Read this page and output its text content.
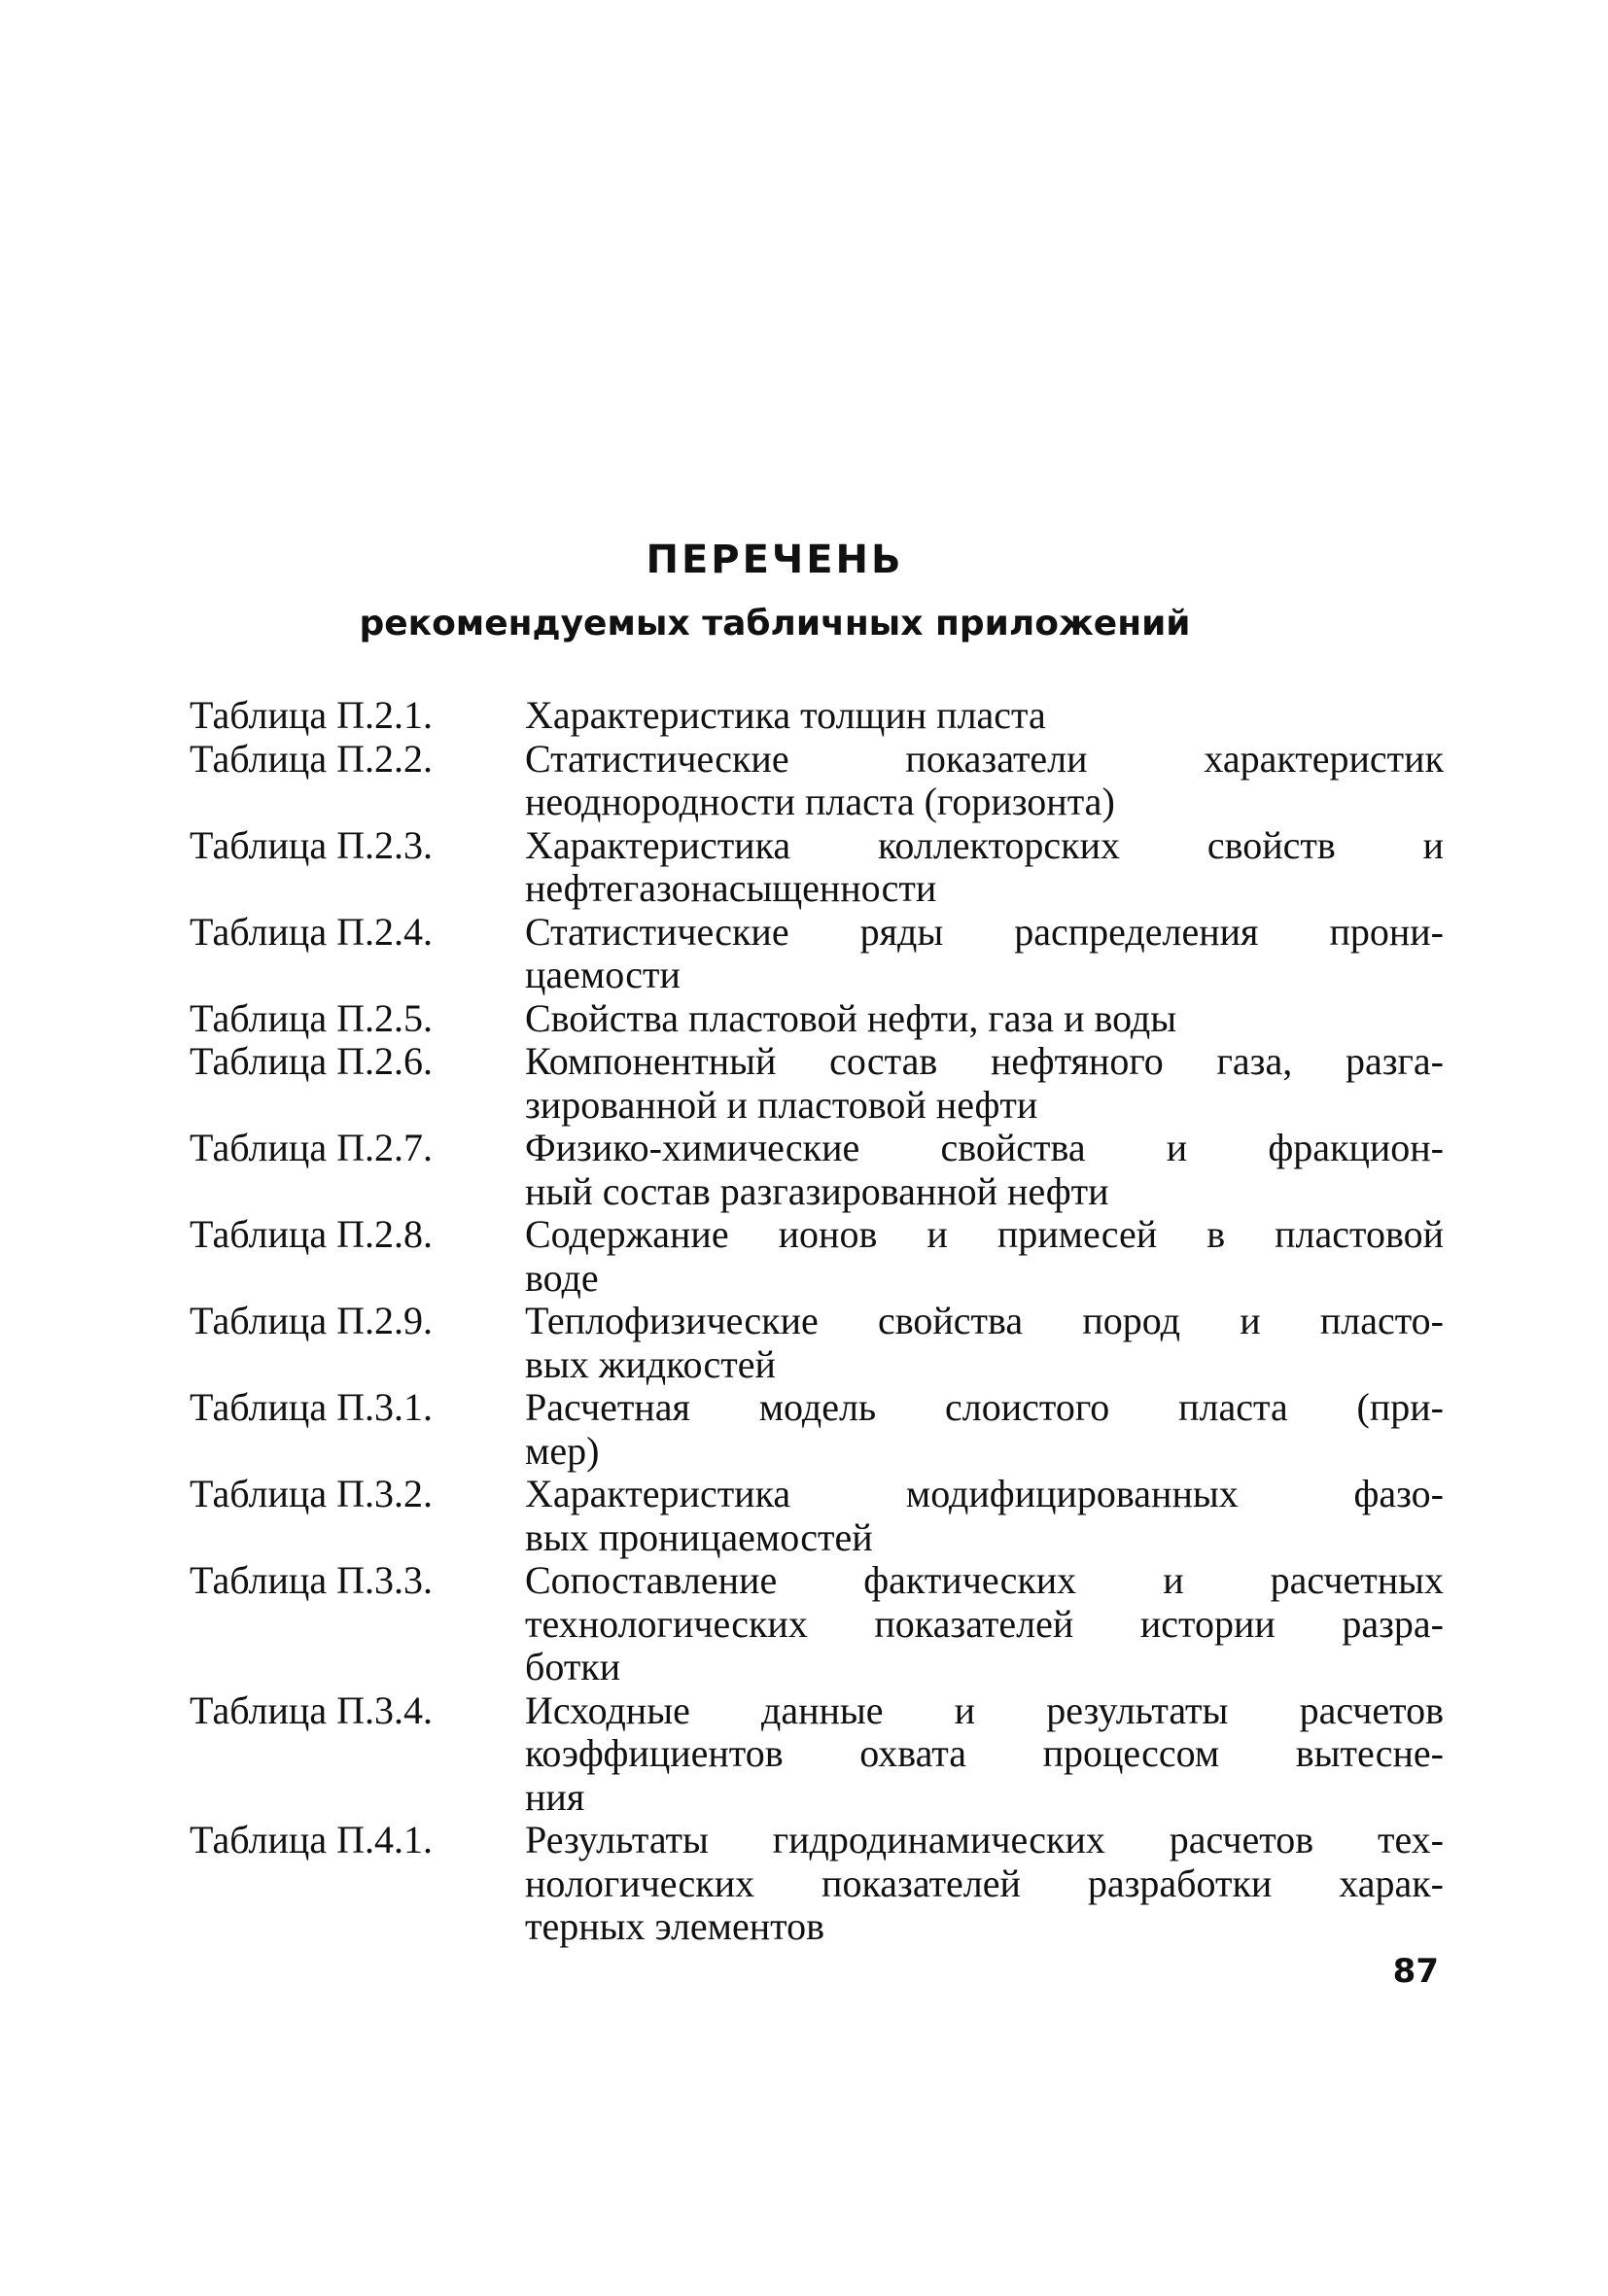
ПЕРЕЧЕНЬ
рекомендуемых табличных приложений
Таблица П.2.1.	Характеристика толщин пласта
Таблица П.2.2.	Статистические показатели характеристик
неоднородности пласта (горизонта)
Таблица П.2.3.	Характеристика коллекторских свойств и
нефтегазонасыщенности
Таблица П.2.4.	Статистические ряды распределения прони-
цаемости
Таблица П.2.5.	Свойства пластовой нефти, газа и воды
Таблица П.2.6.	Компонентный состав нефтяного газа, разга-
зированной и пластовой нефти
Таблица П.2.7.	Физико-химические свойства и фракцион-
ный состав разгазированной нефти
Таблица П.2.8.	Содержание ионов и примесей в пластовой
воде
Таблица П.2.9.	Теплофизические свойства пород и пласто-
вых жидкостей
Таблица П.3.1.	Расчетная модель слоистого пласта (при-
мер)
Таблица П.3.2.	Характеристика модифицированных фазо-
вых проницаемостей
Таблица П.3.3.	Сопоставление фактических и расчетных
технологических показателей истории разра-
ботки
Таблица П.3.4.	Исходные данные и результаты расчетов
коэффициентов охвата процессом вытесне-
ния
Таблица П.4.1.	Результаты гидродинамических расчетов тех-
нологических показателей разработки харак-
терных элементов
87
